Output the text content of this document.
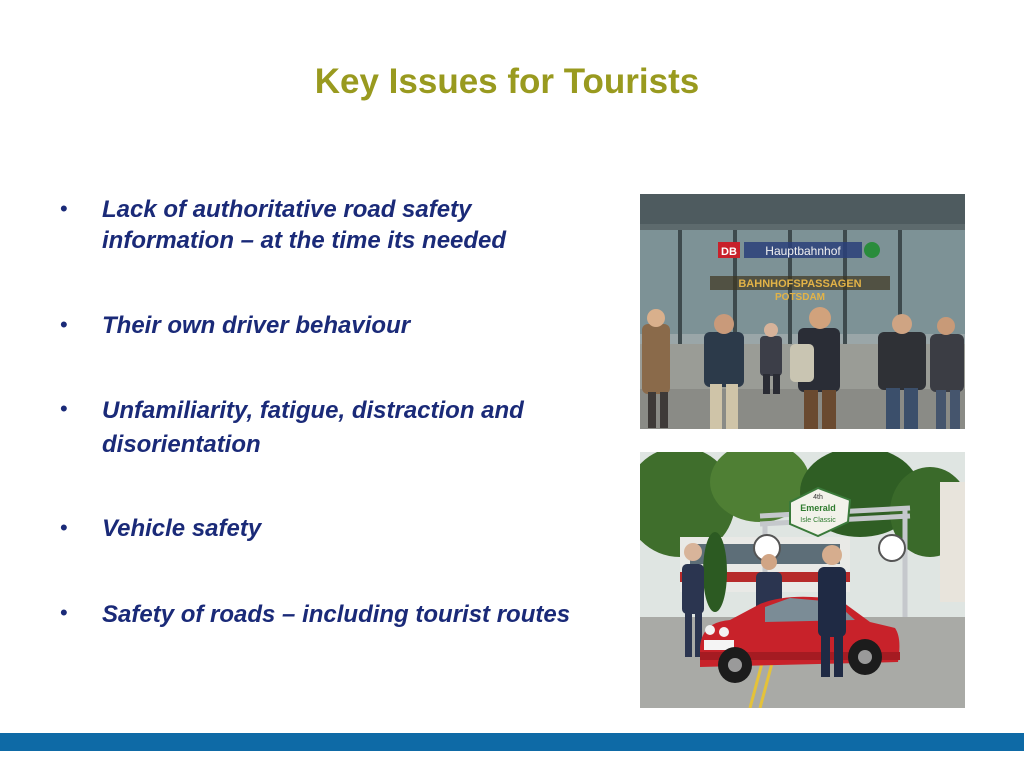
Key Issues for Tourists
•	Lack of authoritative road safety information – at the time its needed
•	Their own driver behaviour
•	Unfamiliarity, fatigue, distraction and disorientation
•	Vehicle safety
•	Safety of roads – including tourist routes
DB Hauptbahnhof
BAHNHOFSPASSAGEN
POTSDAM
4th
Emerald
Isle Classic
